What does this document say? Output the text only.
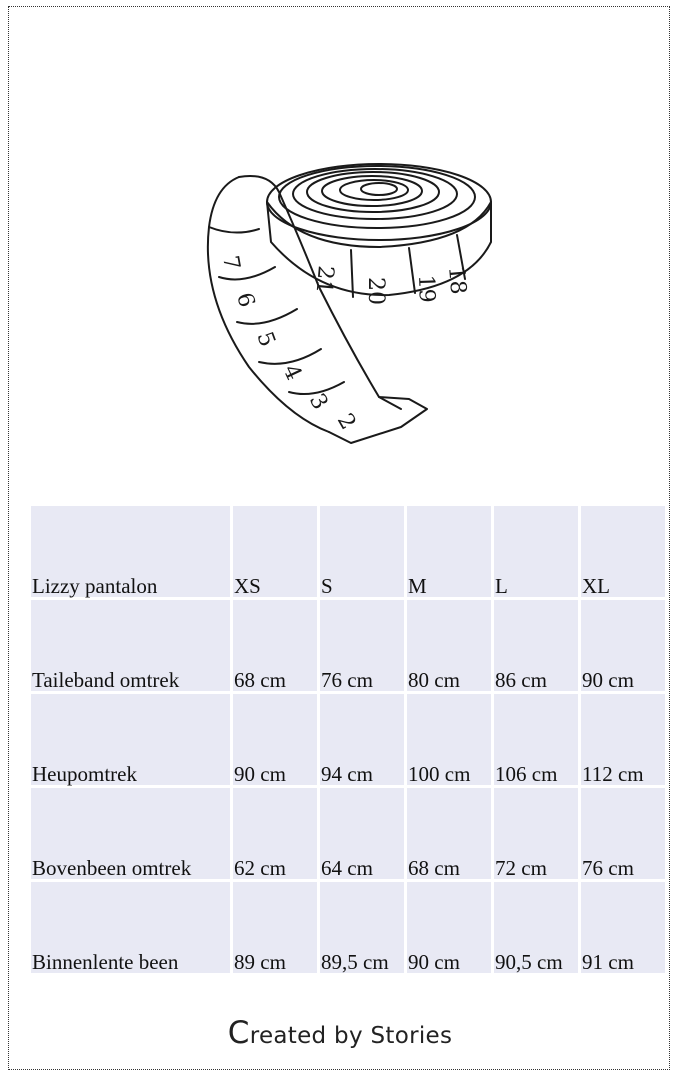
18
19
20
21
7
6
5
4
3
2
Lizzy pantalon	XS	S	M	L	XL
Taileband omtrek	68 cm	76 cm	80 cm	86 cm	90 cm
Heupomtrek	90 cm	94 cm	100 cm	106 cm	112 cm
Bovenbeen omtrek	62 cm	64 cm	68 cm	72 cm	76 cm
Binnenlente been	89 cm	89,5 cm	90 cm	90,5 cm	91 cm
Created by Stories
